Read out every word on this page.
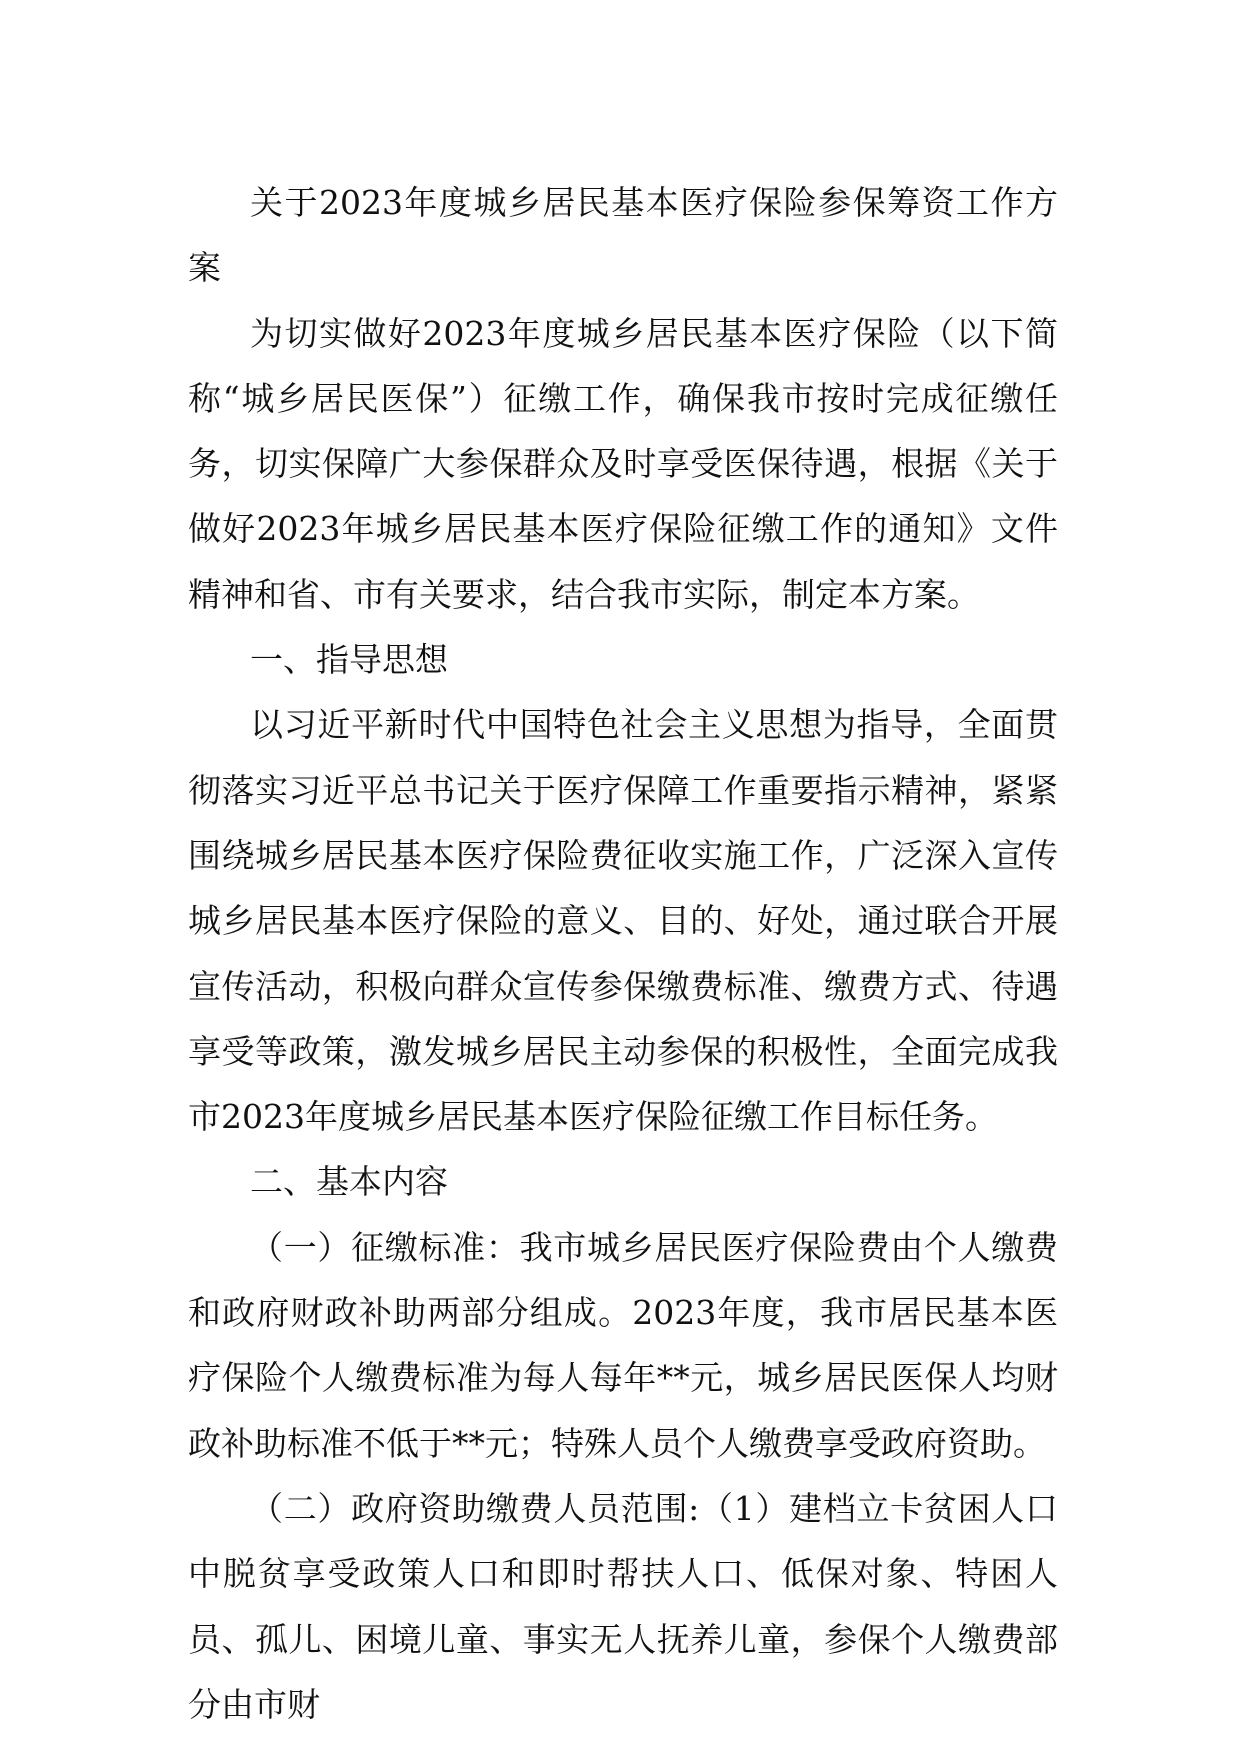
关于2023年度城乡居民基本医疗保险参保筹资工作方案

为切实做好2023年度城乡居民基本医疗保险（以下简称“城乡居民医保”）征缴工作，确保我市按时完成征缴任务，切实保障广大参保群众及时享受医保待遇，根据《关于做好2023年城乡居民基本医疗保险征缴工作的通知》文件精神和省、市有关要求，结合我市实际，制定本方案。

一、指导思想

以习近平新时代中国特色社会主义思想为指导，全面贯彻落实习近平总书记关于医疗保障工作重要指示精神，紧紧围绕城乡居民基本医疗保险费征收实施工作，广泛深入宣传城乡居民基本医疗保险的意义、目的、好处，通过联合开展宣传活动，积极向群众宣传参保缴费标准、缴费方式、待遇享受等政策，激发城乡居民主动参保的积极性，全面完成我市2023年度城乡居民基本医疗保险征缴工作目标任务。

二、基本内容

（一）征缴标准：我市城乡居民医疗保险费由个人缴费和政府财政补助两部分组成。2023年度，我市居民基本医疗保险个人缴费标准为每人每年**元，城乡居民医保人均财政补助标准不低于**元；特殊人员个人缴费享受政府资助。

（二）政府资助缴费人员范围:（1）建档立卡贫困人口中脱贫享受政策人口和即时帮扶人口、低保对象、特困人员、孤儿、困境儿童、事实无人抚养儿童，参保个人缴费部分由市财
